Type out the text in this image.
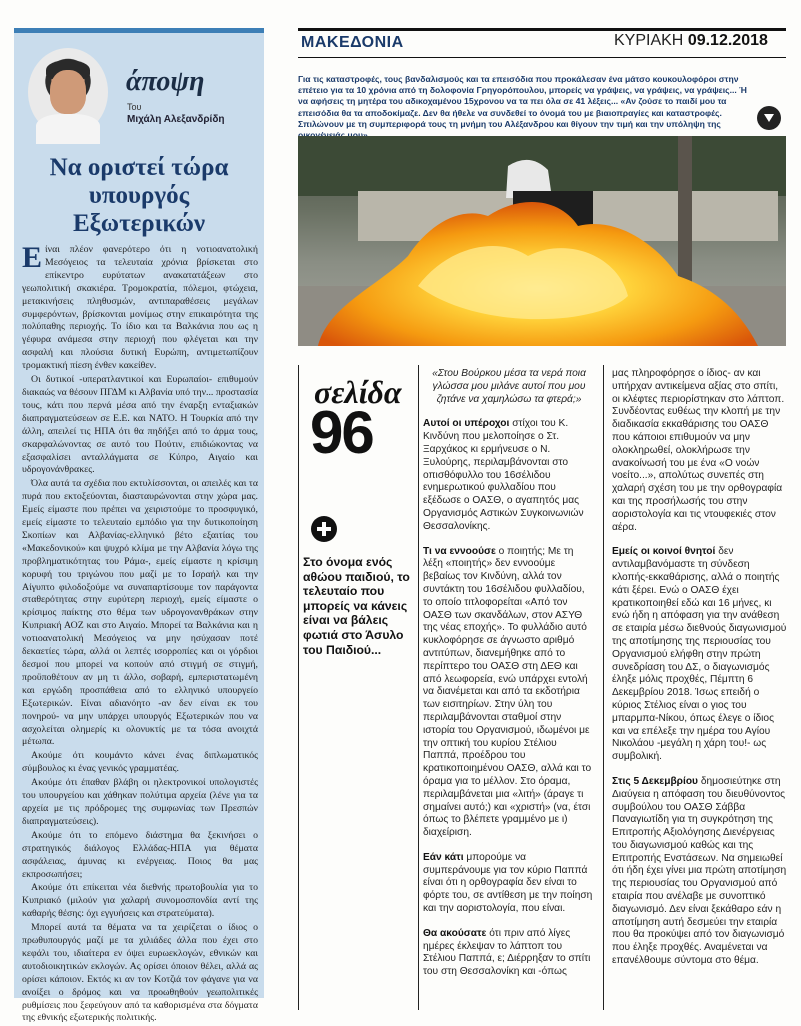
άποψη
Του
Μιχάλη Αλεξανδρίδη
Να οριστεί τώρα υπουργός Εξωτερικών

Είναι πλέον φανερότερο ότι η νοτιοανατολική Μεσόγειος τα τελευταία χρόνια βρίσκεται στο επίκεντρο ευρύτατων ανακατατάξεων στο γεωπολιτική σκακιέρα. Τρομοκρατία, πόλεμοι, φτώχεια, μετακινήσεις πληθυσμών, αντιπαραθέσεις μεγάλων συμφερόντων, βρίσκονται μονίμως στην επικαιρότητα της πολύπαθης περιοχής. Το ίδιο και τα Βαλκάνια που ως η γέφυρα ανάμεσα στην περιοχή που φλέγεται και την ασφαλή και πλούσια δυτική Ευρώπη, αντιμετωπίζουν τρομακτική πίεση ένθεν κακείθεν.

Οι δυτικοί -υπερατλαντικοί και Ευρωπαίοι- επιθυμούν διακαώς να θέσουν ΠΓΔΜ κι Αλβανία υπό την... προστασία τους, κάτι που περνά μέσα από την έναρξη ενταξιακών διαπραγματεύσεων σε Ε.Ε. και ΝΑΤΟ. Η Τουρκία από την άλλη, απειλεί τις ΗΠΑ ότι θα πηδήξει από το άρμα τους, σκαρφαλώνοντας σε αυτό του Πούτιν, επιδιώκοντας να εξασφαλίσει ανταλλάγματα σε Κύπρο, Αιγαίο και υδρογονάνθρακες.

Όλα αυτά τα σχέδια που εκτυλίσσονται, οι απειλές και τα πυρά που εκτοξεύονται, διασταυρώνονται στην χώρα μας. Εμείς είμαστε που πρέπει να χειριστούμε το προσφυγικό, εμείς είμαστε το τελευταίο εμπόδιο για την δυτικοποίηση Σκοπίων και Αλβανίας-ελληνικό βέτο εξαιτίας του «Μακεδονικού» και ψυχρό κλίμα με την Αλβανία λόγω της προβληματικότητας του Ράμα-, εμείς είμαστε η κρίσιμη κορυφή του τριγώνου που μαζί με το Ισραήλ και την Αίγυπτο φιλοδοξούμε να συναπαρτίσουμε τον παράγοντα σταθερότητας στην ευρύτερη περιοχή, εμείς είμαστε ο κρίσιμος παίκτης στο θέμα των υδρογονανθράκων στην Κυπριακή ΑΟΖ και στο Αιγαίο. Μπορεί τα Βαλκάνια και η νοτιοανατολική Μεσόγειος να μην ησύχασαν ποτέ δεκαετίες τώρα, αλλά οι λεπτές ισορροπίες και οι γόρδιοι δεσμοί που μπορεί να κοπούν από στιγμή σε στιγμή, προϋποθέτουν αν μη τι άλλο, σοβαρή, εμπεριστατωμένη και εργώδη προσπάθεια από το ελληνικό υπουργείο Εξωτερικών. Είναι αδιανόητο -αν δεν είναι εκ του πονηρού- να μην υπάρχει υπουργός Εξωτερικών που να ασχολείται ολημερίς κι ολονυκτίς με τα τόσα ανοιχτά μέτωπα.

Ακούμε ότι κουμάντο κάνει ένας διπλωματικός σύμβουλος κι ένας γενικός γραμματέας.

Ακούμε ότι έπαθαν βλάβη οι ηλεκτρονικοί υπολογιστές του υπουργείου και χάθηκαν πολύτιμα αρχεία (λένε για τα αρχεία με τις πρόδρομες της συμφωνίας των Πρεσπών διαπραγματεύσεις).

Ακούμε ότι το επόμενο διάστημα θα ξεκινήσει ο στρατηγικός διάλογος Ελλάδας-ΗΠΑ για θέματα ασφάλειας, άμυνας κι ενέργειας. Ποιος θα μας εκπροσωπήσει;

Ακούμε ότι επίκειται νέα διεθνής πρωτοβουλία για το Κυπριακό (μιλούν για χαλαρή συνομοσπονδία αντί της καθαρής θέσης: όχι εγγυήσεις και στρατεύματα).

Μπορεί αυτά τα θέματα να τα χειρίζεται ο ίδιος ο πρωθυπουργός μαζί με τα χιλιάδες άλλα που έχει στο κεφάλι του, ιδιαίτερα εν όψει ευρωεκλογών, εθνικών και αυτοδιοικητικών εκλογών. Ας ορίσει όποιον θέλει, αλλά ας ορίσει κάποιον. Εκτός κι αν τον Κοτζιά τον φάγανε για να ανοίξει ο δρόμος και να προωθηθούν γεωπολιτικές ρυθμίσεις που ξεφεύγουν από τα καθορισμένα στα δόγματα της εθνικής εξωτερικής πολιτικής.

ΜΑΚΕΔΟΝΙΑ	ΚΥΡΙΑΚΗ 09.12.2018
Για τις καταστροφές, τους βανδαλισμούς και τα επεισόδια που προκάλεσαν ένα μάτσο κουκουλοφόροι στην επέτειο για τα 10 χρόνια από τη δολοφονία Γρηγορόπουλου, μπορείς να γράψεις, να γράψεις, να γράψεις... Ή να αφήσεις τη μητέρα του αδικοχαμένου 15χρονου να τα πει όλα σε 41 λέξεις... «Αν ζούσε το παιδί μου τα επεισόδια θα τα αποδοκίμαζε. Δεν θα ήθελε να συνδεθεί το όνομά του με βιαιοπραγίες και καταστροφές. Σπιλώνουν με τη συμπεριφορά τους τη μνήμη του Αλέξανδρου και θίγουν την τιμή και την υπόληψη της
σελίδα
96
Στο όνομα ενός αθώου παιδιού, το τελευταίο που μπορείς να κάνεις είναι να βάλεις φωτιά στο Άσυλο του Παιδιού...

«Στου Βούρκου μέσα τα νερά ποια γλώσσα μου μιλάνε αυτοί που μου ζητάνε να χαμηλώσω τα φτερά;»

Αυτοί οι υπέροχοι στίχοι του Κ. Κινδύνη που μελοποίησε ο Στ. Ξαρχάκος κι ερμήνευσε ο Ν. Ξυλούρης, περιλαμβάνονται στο οπισθόφυλλο του 16σέλιδου ενημερωτικού φυλλαδίου που εξέδωσε ο ΟΑΣΘ, ο αγαπητός μας Οργανισμός Αστικών Συγκοινωνιών Θεσσαλονίκης.

Τι να εννοούσε ο ποιητής; Με τη λέξη «ποιητής» δεν εννοούμε βεβαίως τον Κινδύνη, αλλά τον συντάκτη του 16σέλιδου φυλλαδίου, το οποίο τιτλοφορείται «Από τον ΟΑΣΘ των σκανδάλων, στον ΑΣΥΘ της νέας εποχής». Το φυλλάδιο αυτό κυκλοφόρησε σε άγνωστο αριθμό αντιτύπων, διανεμήθηκε από το περίπτερο του ΟΑΣΘ στη ΔΕΘ και από λεωφορεία, ενώ υπάρχει εντολή να διανέμεται και από τα εκδοτήρια των εισιτηρίων. Στην ύλη του περιλαμβάνονται σταθμοί στην ιστορία του Οργανισμού, ιδωμένοι με την οπτική του κυρίου Στέλιου Παππά, προέδρου του κρατικοποιημένου ΟΑΣΘ, αλλά και το όραμα για το μέλλον. Στο όραμα, περιλαμβάνεται μια «λιτή» (άραγε τι σημαίνει αυτό;) και «χριστή» (να, έτσι όπως το βλέπετε γραμμένο με ι) διαχείριση.

Εάν κάτι μπορούμε να συμπεράνουμε για τον κύριο Παππά είναι ότι η ορθογραφία δεν είναι το φόρτε του, σε αντίθεση με την ποίηση και την αοριστολογία, που είναι.

Θα ακούσατε ότι πριν από λίγες ημέρες έκλεψαν το λάπτοπ του Στέλιου Παππά, ε; Διέρρηξαν το σπίτι του στη Θεσσαλονίκη και -όπως

μας πληροφόρησε ο ίδιος- αν και υπήρχαν αντικείμενα αξίας στο σπίτι, οι κλέφτες περιορίστηκαν στο λάπτοπ. Συνδέοντας ευθέως την κλοπή με την διαδικασία εκκαθάρισης του ΟΑΣΘ που κάποιοι επιθυμούν να μην ολοκληρωθεί, ολοκλήρωσε την ανακοίνωσή του με ένα «Ο νοών νοείτο...», απολύτως συνεπές στη χαλαρή σχέση του με την ορθογραφία και της προσήλωσής του στην αοριστολογία και τις ντουφεκιές στον αέρα.

Εμείς οι κοινοί θνητοί δεν αντιλαμβανόμαστε τη σύνδεση κλοπής-εκκαθάρισης, αλλά ο ποιητής κάτι ξέρει. Ενώ ο ΟΑΣΘ έχει κρατικοποιηθεί εδώ και 16 μήνες, κι ενώ ήδη η απόφαση για την ανάθεση σε εταιρία μέσω διεθνούς διαγωνισμού της αποτίμησης της περιουσίας του Οργανισμού ελήφθη στην πρώτη συνεδρίαση του ΔΣ, ο διαγωνισμός έληξε μόλις προχθές, Πέμπτη 6 Δεκεμβρίου 2018. Ίσως επειδή ο κύριος Στέλιος είναι ο γιος του μπαρμπα-Νίκου, όπως έλεγε ο ίδιος και να επέλεξε την ημέρα του Αγίου Νικολάου -μεγάλη η χάρη του!- ως συμβολική.

Στις 5 Δεκεμβρίου δημοσιεύτηκε στη Διαύγεια η απόφαση του διευθύνοντος συμβούλου του ΟΑΣΘ Σάββα Παναγιωτίδη για τη συγκρότηση της Επιτροπής Αξιολόγησης Διενέργειας του διαγωνισμού καθώς και της Επιτροπής Ενστάσεων. Να σημειωθεί ότι ήδη έχει γίνει μια πρώτη αποτίμηση της περιουσίας του Οργανισμού από εταιρία που ανέλαβε με συνοπτικό διαγωνισμό. Δεν είναι ξεκάθαρο εάν η αποτίμηση αυτή δεσμεύει την εταιρία που θα προκύψει από τον διαγωνισμό που έληξε προχθές. Αναμένεται να επανέλθουμε σύντομα στο θέμα.
